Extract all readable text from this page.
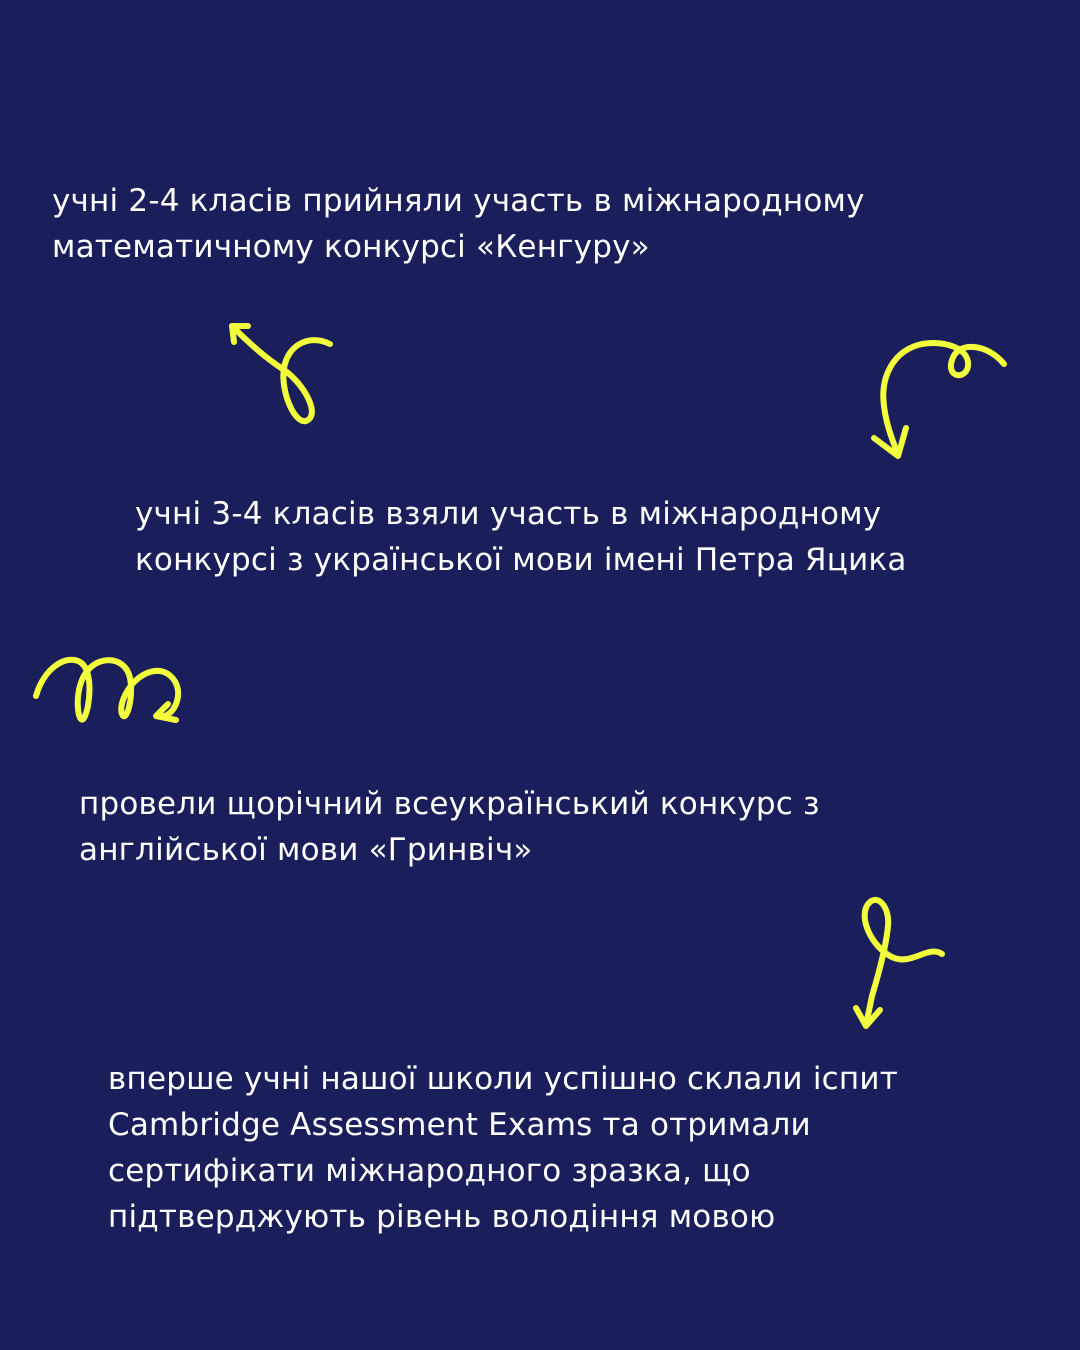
учні 2-4 класів прийняли участь в міжнародному
математичному конкурсі «Кенгуру»

учні 3-4 класів взяли участь в міжнародному
конкурсі з української мови імені Петра Яцика

провели щорічний всеукраїнський конкурс з
англійської мови «Гринвіч»

вперше учні нашої школи успішно склали іспит
Cambridge Assessment Exams та отримали
сертифікати міжнародного зразка, що
підтверджують рівень володіння мовою
